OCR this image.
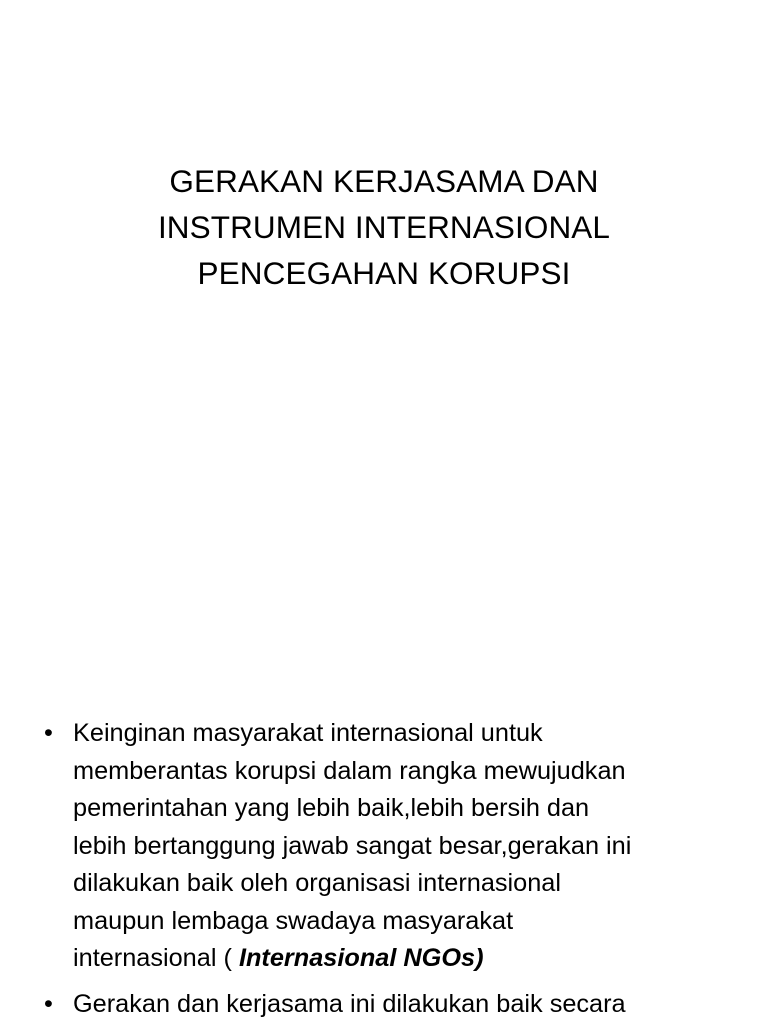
GERAKAN KERJASAMA DAN
INSTRUMEN INTERNASIONAL
PENCEGAHAN KORUPSI
• Keinginan masyarakat internasional untuk
memberantas korupsi dalam rangka mewujudkan
pemerintahan yang lebih baik,lebih bersih dan
lebih bertanggung jawab sangat besar,gerakan ini
dilakukan baik oleh organisasi internasional
maupun lembaga swadaya masyarakat
internasional ( Internasional NGOs)
• Gerakan dan kerjasama ini dilakukan baik secara
